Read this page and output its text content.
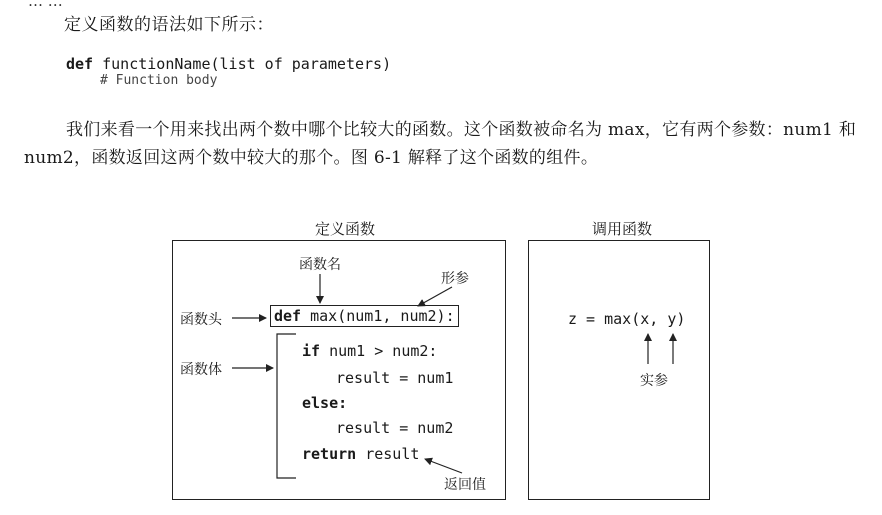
… …
定义函数的语法如下所示：
def functionName(list of parameters)
# Function body
我们来看一个用来找出两个数中哪个比较大的函数。这个函数被命名为 max，它有两个参数：num1 和 num2，函数返回这两个数中较大的那个。图 6-1 解释了这个函数的组件。
定义函数	调用函数
函数名
形参
函数头
函数体
返回值
实参
def max(num1, num2):
if num1 > num2:
result = num1
else:
result = num2
return result
z = max(x, y)
